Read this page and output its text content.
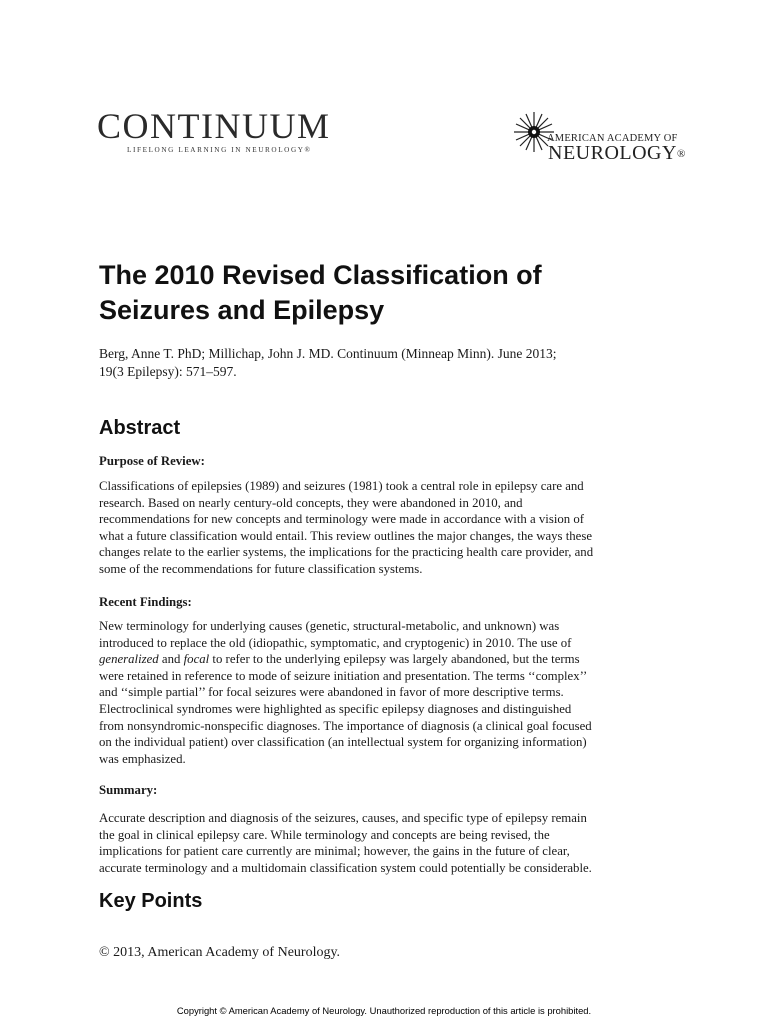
CONTINUUM
LIFELONG LEARNING IN NEUROLOGY®
AMERICAN ACADEMY OF
NEUROLOGY®
The 2010 Revised Classification of Seizures and Epilepsy
Berg, Anne T. PhD; Millichap, John J. MD. Continuum (Minneap Minn). June 2013;
19(3 Epilepsy): 571–597.
Abstract
Purpose of Review:

Classifications of epilepsies (1989) and seizures (1981) took a central role in epilepsy care and

research. Based on nearly century-old concepts, they were abandoned in 2010, and

recommendations for new concepts and terminology were made in accordance with a vision of

what a future classification would entail. This review outlines the major changes, the ways these

changes relate to the earlier systems, the implications for the practicing health care provider, and

some of the recommendations for future classification systems.

Recent Findings:

New terminology for underlying causes (genetic, structural-metabolic, and unknown) was

introduced to replace the old (idiopathic, symptomatic, and cryptogenic) in 2010. The use of

generalized and focal to refer to the underlying epilepsy was largely abandoned, but the terms

were retained in reference to mode of seizure initiation and presentation. The terms ‘‘complex’’

and ‘‘simple partial’’ for focal seizures were abandoned in favor of more descriptive terms.

Electroclinical syndromes were highlighted as specific epilepsy diagnoses and distinguished

from nonsyndromic-nonspecific diagnoses. The importance of diagnosis (a clinical goal focused

on the individual patient) over classification (an intellectual system for organizing information)

was emphasized.

Summary:

Accurate description and diagnosis of the seizures, causes, and specific type of epilepsy remain

the goal in clinical epilepsy care. While terminology and concepts are being revised, the

implications for patient care currently are minimal; however, the gains in the future of clear,

accurate terminology and a multidomain classification system could potentially be considerable.

Key Points
© 2013, American Academy of Neurology.
Copyright © American Academy of Neurology. Unauthorized reproduction of this article is prohibited.
